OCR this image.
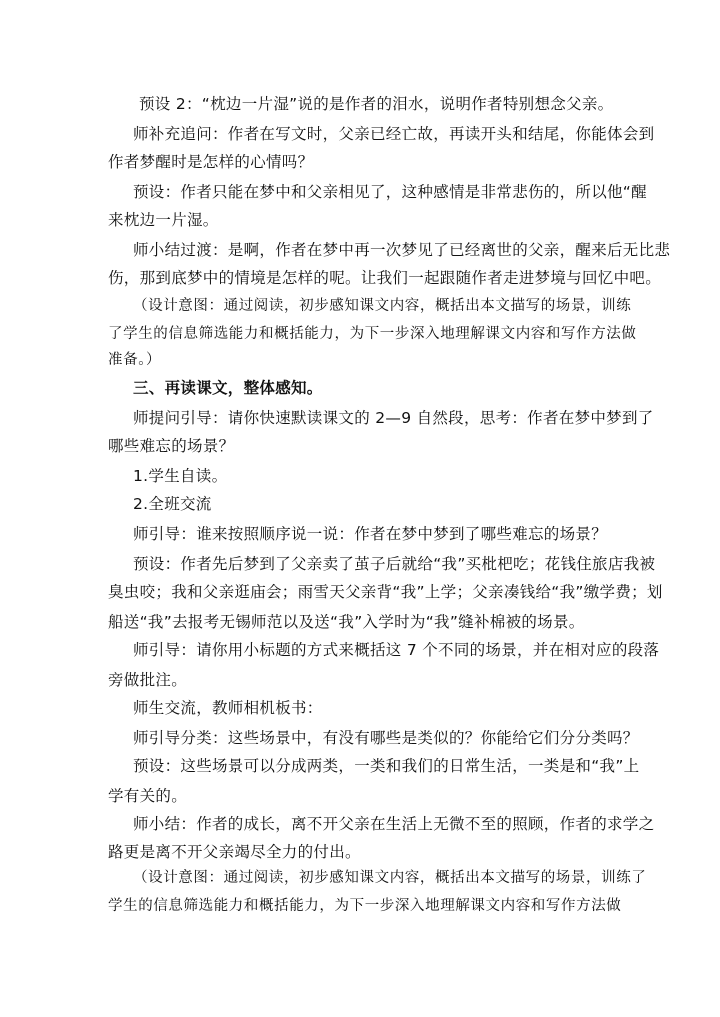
预设 2：“枕边一片湿”说的是作者的泪水，说明作者特别想念父亲。
师补充追问：作者在写文时，父亲已经亡故，再读开头和结尾，你能体会到
作者梦醒时是怎样的心情吗？
预设：作者只能在梦中和父亲相见了，这种感情是非常悲伤的，所以他“醒
来枕边一片湿。
师小结过渡：是啊，作者在梦中再一次梦见了已经离世的父亲，醒来后无比悲
伤，那到底梦中的情境是怎样的呢。让我们一起跟随作者走进梦境与回忆中吧。
（设计意图：通过阅读，初步感知课文内容，概括出本文描写的场景，训练
了学生的信息筛选能力和概括能力，为下一步深入地理解课文内容和写作方法做
准备。）
三、再读课文，整体感知。
师提问引导：请你快速默读课文的 2—9 自然段，思考：作者在梦中梦到了
哪些难忘的场景？
1.学生自读。
2.全班交流
师引导：谁来按照顺序说一说：作者在梦中梦到了哪些难忘的场景？
预设：作者先后梦到了父亲卖了茧子后就给“我”买枇杷吃；花钱住旅店我被
臭虫咬；我和父亲逛庙会；雨雪天父亲背“我”上学；父亲凑钱给“我”缴学费；划
船送“我”去报考无锡师范以及送“我”入学时为“我”缝补棉被的场景。
师引导：请你用小标题的方式来概括这 7 个不同的场景，并在相对应的段落
旁做批注。
师生交流，教师相机板书：
师引导分类：这些场景中，有没有哪些是类似的？你能给它们分分类吗？
预设：这些场景可以分成两类，一类和我们的日常生活，一类是和“我”上
学有关的。
师小结：作者的成长，离不开父亲在生活上无微不至的照顾，作者的求学之
路更是离不开父亲竭尽全力的付出。
（设计意图：通过阅读，初步感知课文内容，概括出本文描写的场景，训练了
学生的信息筛选能力和概括能力，为下一步深入地理解课文内容和写作方法做
